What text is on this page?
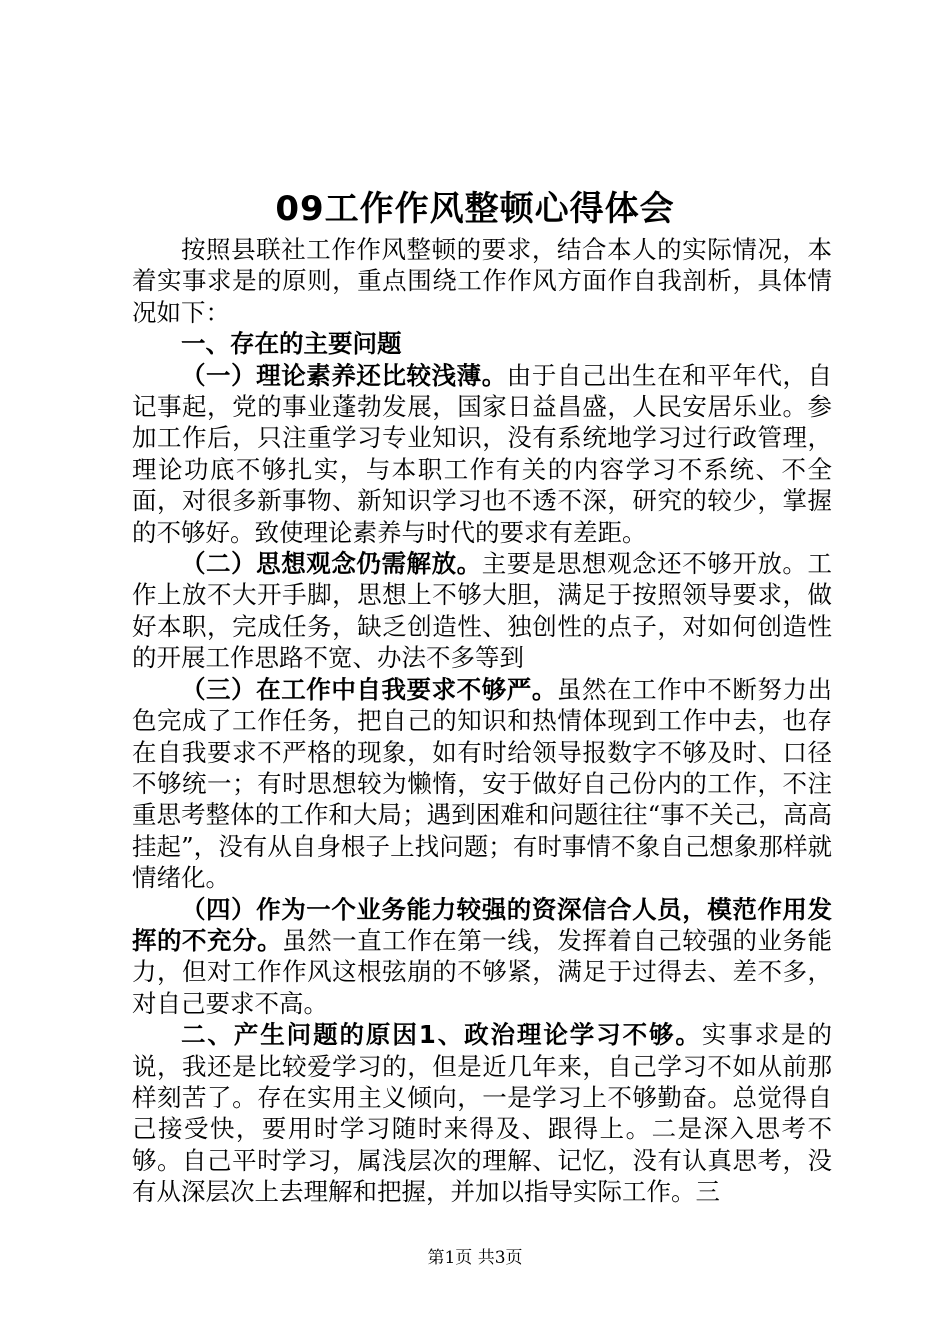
09工作作风整顿心得体会

按照县联社工作作风整顿的要求，结合本人的实际情况，本着实事求是的原则，重点围绕工作作风方面作自我剖析，具体情况如下：

一、存在的主要问题

（一）理论素养还比较浅薄。由于自己出生在和平年代，自记事起，党的事业蓬勃发展，国家日益昌盛，人民安居乐业。参加工作后，只注重学习专业知识，没有系统地学习过行政管理，理论功底不够扎实，与本职工作有关的内容学习不系统、不全面，对很多新事物、新知识学习也不透不深，研究的较少，掌握的不够好。致使理论素养与时代的要求有差距。

（二）思想观念仍需解放。主要是思想观念还不够开放。工作上放不大开手脚，思想上不够大胆，满足于按照领导要求，做好本职，完成任务，缺乏创造性、独创性的点子，对如何创造性的开展工作思路不宽、办法不多等到

（三）在工作中自我要求不够严。虽然在工作中不断努力出色完成了工作任务，把自己的知识和热情体现到工作中去，也存在自我要求不严格的现象，如有时给领导报数字不够及时、口径不够统一；有时思想较为懒惰，安于做好自己份内的工作，不注重思考整体的工作和大局；遇到困难和问题往往“事不关己，高高挂起”，没有从自身根子上找问题；有时事情不象自己想象那样就情绪化。

（四）作为一个业务能力较强的资深信合人员，模范作用发挥的不充分。虽然一直工作在第一线，发挥着自己较强的业务能力，但对工作作风这根弦崩的不够紧，满足于过得去、差不多，对自己要求不高。

二、产生问题的原因1、政治理论学习不够。实事求是的说，我还是比较爱学习的，但是近几年来，自己学习不如从前那样刻苦了。存在实用主义倾向，一是学习上不够勤奋。总觉得自己接受快，要用时学习随时来得及、跟得上。二是深入思考不够。自己平时学习，属浅层次的理解、记忆，没有认真思考，没有从深层次上去理解和把握，并加以指导实际工作。三

第1页 共3页
